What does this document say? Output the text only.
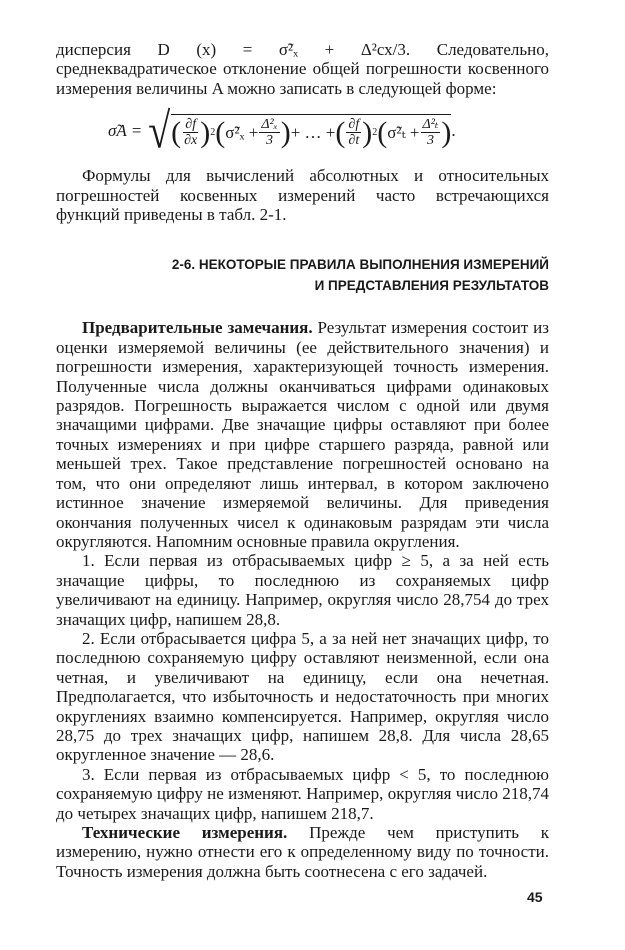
дисперсия D (x) = σ̃²ₓ + Δ²сх/3. Следовательно, среднеквадратическое отклонение общей погрешности косвенного измерения величины A можно записать в следующей форме:

σ̃A = √ ( $\frac{\partial f}{\partial x}$ ) 2 ( σ̃²ₓ + $\frac{\text{Δ²ₓ}}{3}$ ) + … + ( $\frac{\partial f}{\partial t}$ ) 2 ( σ̃²ₜ + $\frac{\text{Δ²ₜ}}{3}$ ) .

Формулы для вычислений абсолютных и относительных погрешностей косвенных измерений часто встречающихся функций приведены в табл. 2-1.

2-6. НЕКОТОРЫЕ ПРАВИЛА ВЫПОЛНЕНИЯ ИЗМЕРЕНИЙ
И ПРЕДСТАВЛЕНИЯ РЕЗУЛЬТАТОВ

Предварительные замечания. Результат измерения состоит из оценки измеряемой величины (ее действительного значения) и погрешности измерения, характеризующей точность измерения. Полученные числа должны оканчиваться цифрами одинаковых разрядов. Погрешность выражается числом с одной или двумя значащими цифрами. Две значащие цифры оставляют при более точных измерениях и при цифре старшего разряда, равной или меньшей трех. Такое представление погрешностей основано на том, что они определяют лишь интервал, в котором заключено истинное значение измеряемой величины. Для приведения окончания полученных чисел к одинаковым разрядам эти числа округляются. Напомним основные правила округления.

1. Если первая из отбрасываемых цифр ≥ 5, а за ней есть значащие цифры, то последнюю из сохраняемых цифр увеличивают на единицу. Например, округляя число 28,754 до трех значащих цифр, напишем 28,8.

2. Если отбрасывается цифра 5, а за ней нет значащих цифр, то последнюю сохраняемую цифру оставляют неизменной, если она четная, и увеличивают на единицу, если она нечетная. Предполагается, что избыточность и недостаточность при многих округлениях взаимно компенсируется. Например, округляя число 28,75 до трех значащих цифр, напишем 28,8. Для числа 28,65 округленное значение — 28,6.

3. Если первая из отбрасываемых цифр < 5, то последнюю сохраняемую цифру не изменяют. Например, округляя число 218,74 до четырех значащих цифр, напишем 218,7.

Технические измерения. Прежде чем приступить к измерению, нужно отнести его к определенному виду по точности. Точность измерения должна быть соотнесена с его задачей.

45
